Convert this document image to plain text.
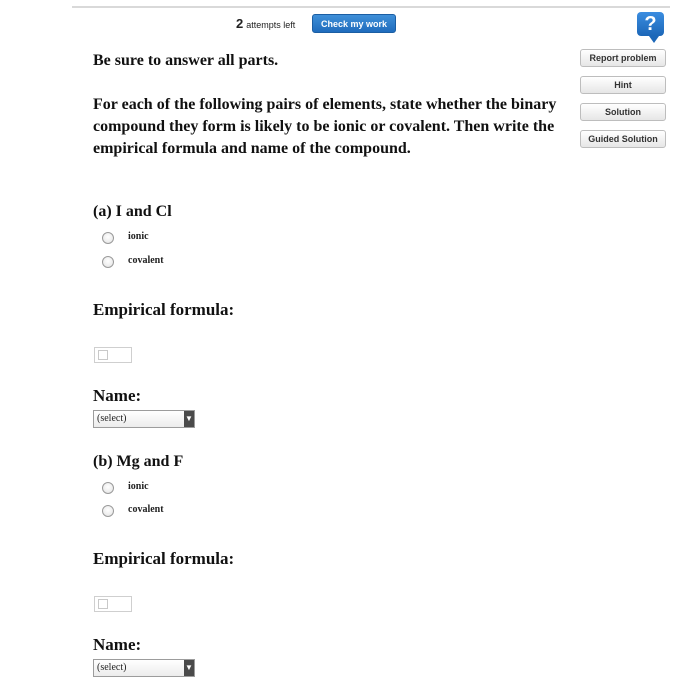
2 attempts left	Check my work	?
Report problem
Hint
Solution
Guided Solution
Be sure to answer all parts.
For each of the following pairs of elements, state whether the binary compound they form is likely to be ionic or covalent. Then write the empirical formula and name of the compound.
(a) I and Cl
ionic
covalent
Empirical formula:
Name:
(select)	▼
(b) Mg and F
ionic
covalent
Empirical formula:
Name:
(select)	▼
